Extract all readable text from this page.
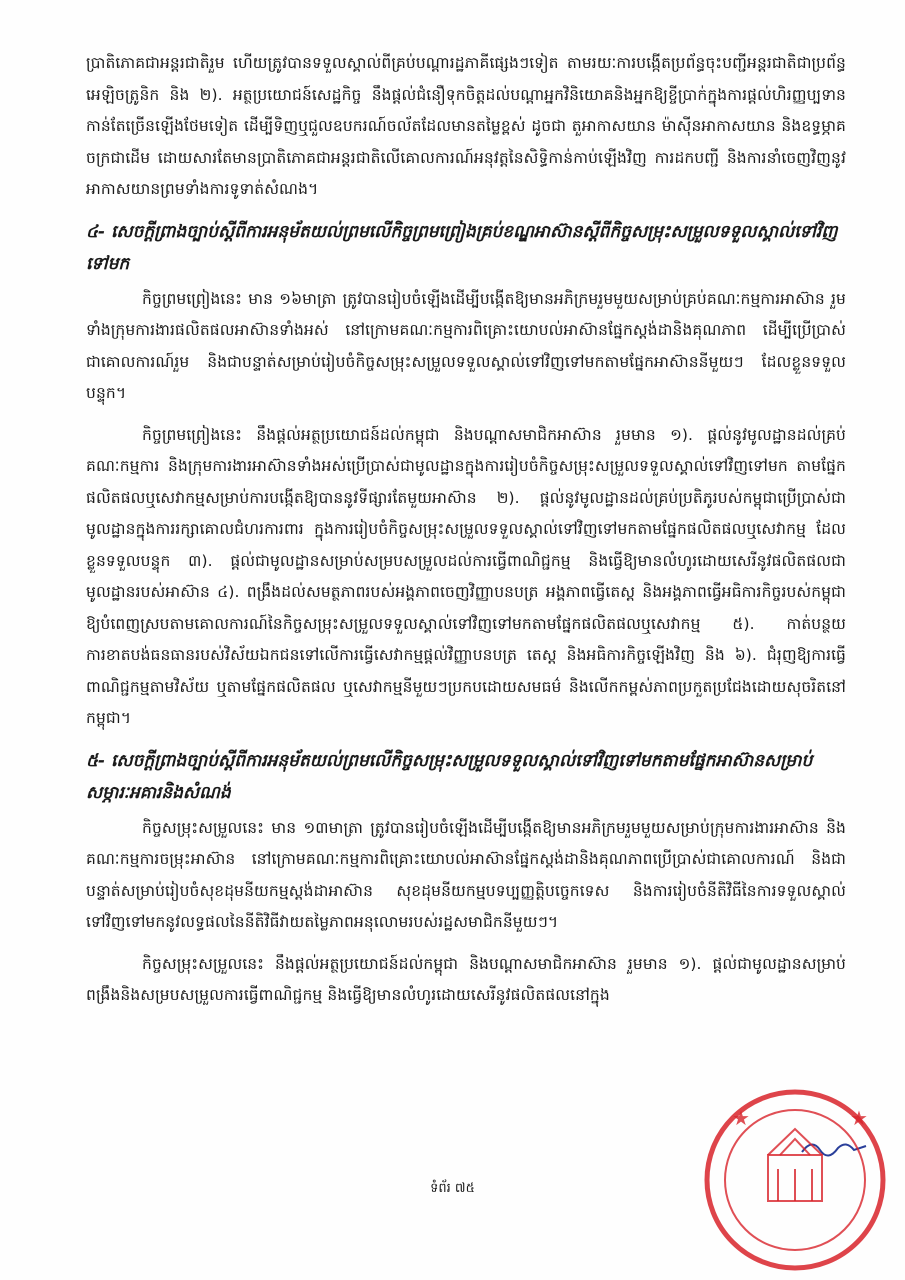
ប្រាតិភោគជាអន្តរជាតិរួម ហើយត្រូវបានទទួលស្គាល់ពីគ្រប់បណ្ដារដ្ឋភាគីផ្សេងៗទៀត តាមរយៈការបង្កើតប្រព័ន្ធចុះបញ្ជីអន្តរជាតិជាប្រព័ន្ធអេឡិចត្រូនិក និង ២). អត្ថប្រយោជន៍សេដ្ឋកិច្ច នឹងផ្ដល់ជំនឿទុកចិត្តដល់បណ្ដាអ្នកវិនិយោគនិងអ្នកឱ្យខ្ចីប្រាក់ក្នុងការផ្ដល់ហិរញ្ញប្បទានកាន់តែច្រើនឡើងថែមទៀត ដើម្បីទិញឬជួលឧបករណ៍ចល័តដែលមានតម្លៃខ្ពស់ ដូចជា តួអាកាសយាន ម៉ាស៊ីនអាកាសយាន និងឧទ្ធម្ភាគចក្រជាដើម ដោយសារតែមានប្រាតិភោគជាអន្តរជាតិលើគោលការណ៍អនុវត្តនៃសិទ្ធិកាន់កាប់ឡើងវិញ ការដកបញ្ជី និងការនាំចេញវិញនូវអាកាសយានព្រមទាំងការទូទាត់សំណង។

៤- សេចក្ដីព្រាងច្បាប់ស្ដីពីការអនុម័តយល់ព្រមលើកិច្ចព្រមព្រៀងគ្រប់ខណ្ឌអាស៊ានស្ដីពីកិច្ចសម្រុះសម្រួលទទួលស្គាល់ទៅវិញទៅមក

កិច្ចព្រមព្រៀងនេះ មាន ១៦មាត្រា ត្រូវបានរៀបចំឡើងដើម្បីបង្កើតឱ្យមានអភិក្រមរួមមួយសម្រាប់គ្រប់គណៈកម្មការអាស៊ាន រួមទាំងក្រុមការងារផលិតផលអាស៊ានទាំងអស់ នៅក្រោមគណៈកម្មការពិគ្រោះយោបល់អាស៊ានផ្នែកស្តង់ដានិងគុណភាព ដើម្បីប្រើប្រាស់ជាគោលការណ៍រួម និងជាបន្ទាត់សម្រាប់រៀបចំកិច្ចសម្រុះសម្រួលទទួលស្គាល់ទៅវិញទៅមកតាមផ្នែកអាស៊ាននីមួយៗ ដែលខ្លួនទទួលបន្ទុក។

កិច្ចព្រមព្រៀងនេះ នឹងផ្ដល់អត្ថប្រយោជន៍ដល់កម្ពុជា និងបណ្ដាសមាជិកអាស៊ាន រួមមាន ១). ផ្ដល់នូវមូលដ្ឋានដល់គ្រប់គណៈកម្មការ និងក្រុមការងារអាស៊ានទាំងអស់ប្រើប្រាស់ជាមូលដ្ឋានក្នុងការរៀបចំកិច្ចសម្រុះសម្រួលទទួលស្គាល់ទៅវិញទៅមក តាមផ្នែកផលិតផលឬសេវាកម្មសម្រាប់ការបង្កើតឱ្យបាននូវទីផ្សារតែមួយអាស៊ាន ២). ផ្ដល់នូវមូលដ្ឋានដល់គ្រប់ប្រតិភូរបស់កម្ពុជាប្រើប្រាស់ជាមូលដ្ឋានក្នុងការរក្សាគោលជំហរការពារ ក្នុងការរៀបចំកិច្ចសម្រុះសម្រួលទទួលស្គាល់ទៅវិញទៅមកតាមផ្នែកផលិតផលឬសេវាកម្ម ដែលខ្លួនទទួលបន្ទុក ៣). ផ្ដល់ជាមូលដ្ឋានសម្រាប់សម្របសម្រួលដល់ការធ្វើពាណិជ្ជកម្ម និងធ្វើឱ្យមានលំហូរដោយសេរីនូវផលិតផលជាមូលដ្ឋានរបស់អាស៊ាន ៤). ពង្រឹងដល់សមត្ថភាពរបស់អង្គភាពចេញវិញ្ញាបនបត្រ អង្គភាពធ្វើតេស្ត និងអង្គភាពធ្វើអធិការកិច្ចរបស់កម្ពុជា ឱ្យបំពេញស្របតាមគោលការណ៍នៃកិច្ចសម្រុះសម្រួលទទួលស្គាល់ទៅវិញទៅមកតាមផ្នែកផលិតផលឬសេវាកម្ម ៥). កាត់បន្ថយការខាតបង់ធនធានរបស់វិស័យឯកជនទៅលើការធ្វើសេវាកម្មផ្ដល់វិញ្ញាបនបត្រ តេស្ត និងអធិការកិច្ចឡើងវិញ និង ៦). ជំរុញឱ្យការធ្វើពាណិជ្ជកម្មតាមវិស័យ ឬតាមផ្នែកផលិតផល ឬសេវាកម្មនីមួយៗប្រកបដោយសមធម៌ និងលើកកម្ពស់ភាពប្រកួតប្រជែងដោយសុចរិតនៅកម្ពុជា។

៥- សេចក្ដីព្រាងច្បាប់ស្ដីពីការអនុម័តយល់ព្រមលើកិច្ចសម្រុះសម្រួលទទួលស្គាល់ទៅវិញទៅមកតាមផ្នែកអាស៊ានសម្រាប់សម្ភារៈអគារនិងសំណង់

កិច្ចសម្រុះសម្រួលនេះ មាន ១៣មាត្រា ត្រូវបានរៀបចំឡើងដើម្បីបង្កើតឱ្យមានអភិក្រមរួមមួយសម្រាប់ក្រុមការងារអាស៊ាន និងគណៈកម្មការចម្រុះអាស៊ាន នៅក្រោមគណៈកម្មការពិគ្រោះយោបល់អាស៊ានផ្នែកស្តង់ដានិងគុណភាពប្រើប្រាស់ជាគោលការណ៍ និងជាបន្ទាត់សម្រាប់រៀបចំសុខដុមនីយកម្មស្តង់ដាអាស៊ាន សុខដុមនីយកម្មបទប្បញ្ញត្តិបច្ចេកទេស និងការរៀបចំនីតិវិធីនៃការទទួលស្គាល់ទៅវិញទៅមកនូវលទ្ធផលនៃនីតិវិធីវាយតម្លៃភាពអនុលោមរបស់រដ្ឋសមាជិកនីមួយៗ។

កិច្ចសម្រុះសម្រួលនេះ នឹងផ្ដល់អត្ថប្រយោជន៍ដល់កម្ពុជា និងបណ្ដាសមាជិកអាស៊ាន រួមមាន ១). ផ្ដល់ជាមូលដ្ឋានសម្រាប់ពង្រឹងនិងសម្របសម្រួលការធ្វើពាណិជ្ជកម្ម និងធ្វើឱ្យមានលំហូរដោយសេរីនូវផលិតផលនៅក្នុង

ទំព័រ ៧៥
★	★
